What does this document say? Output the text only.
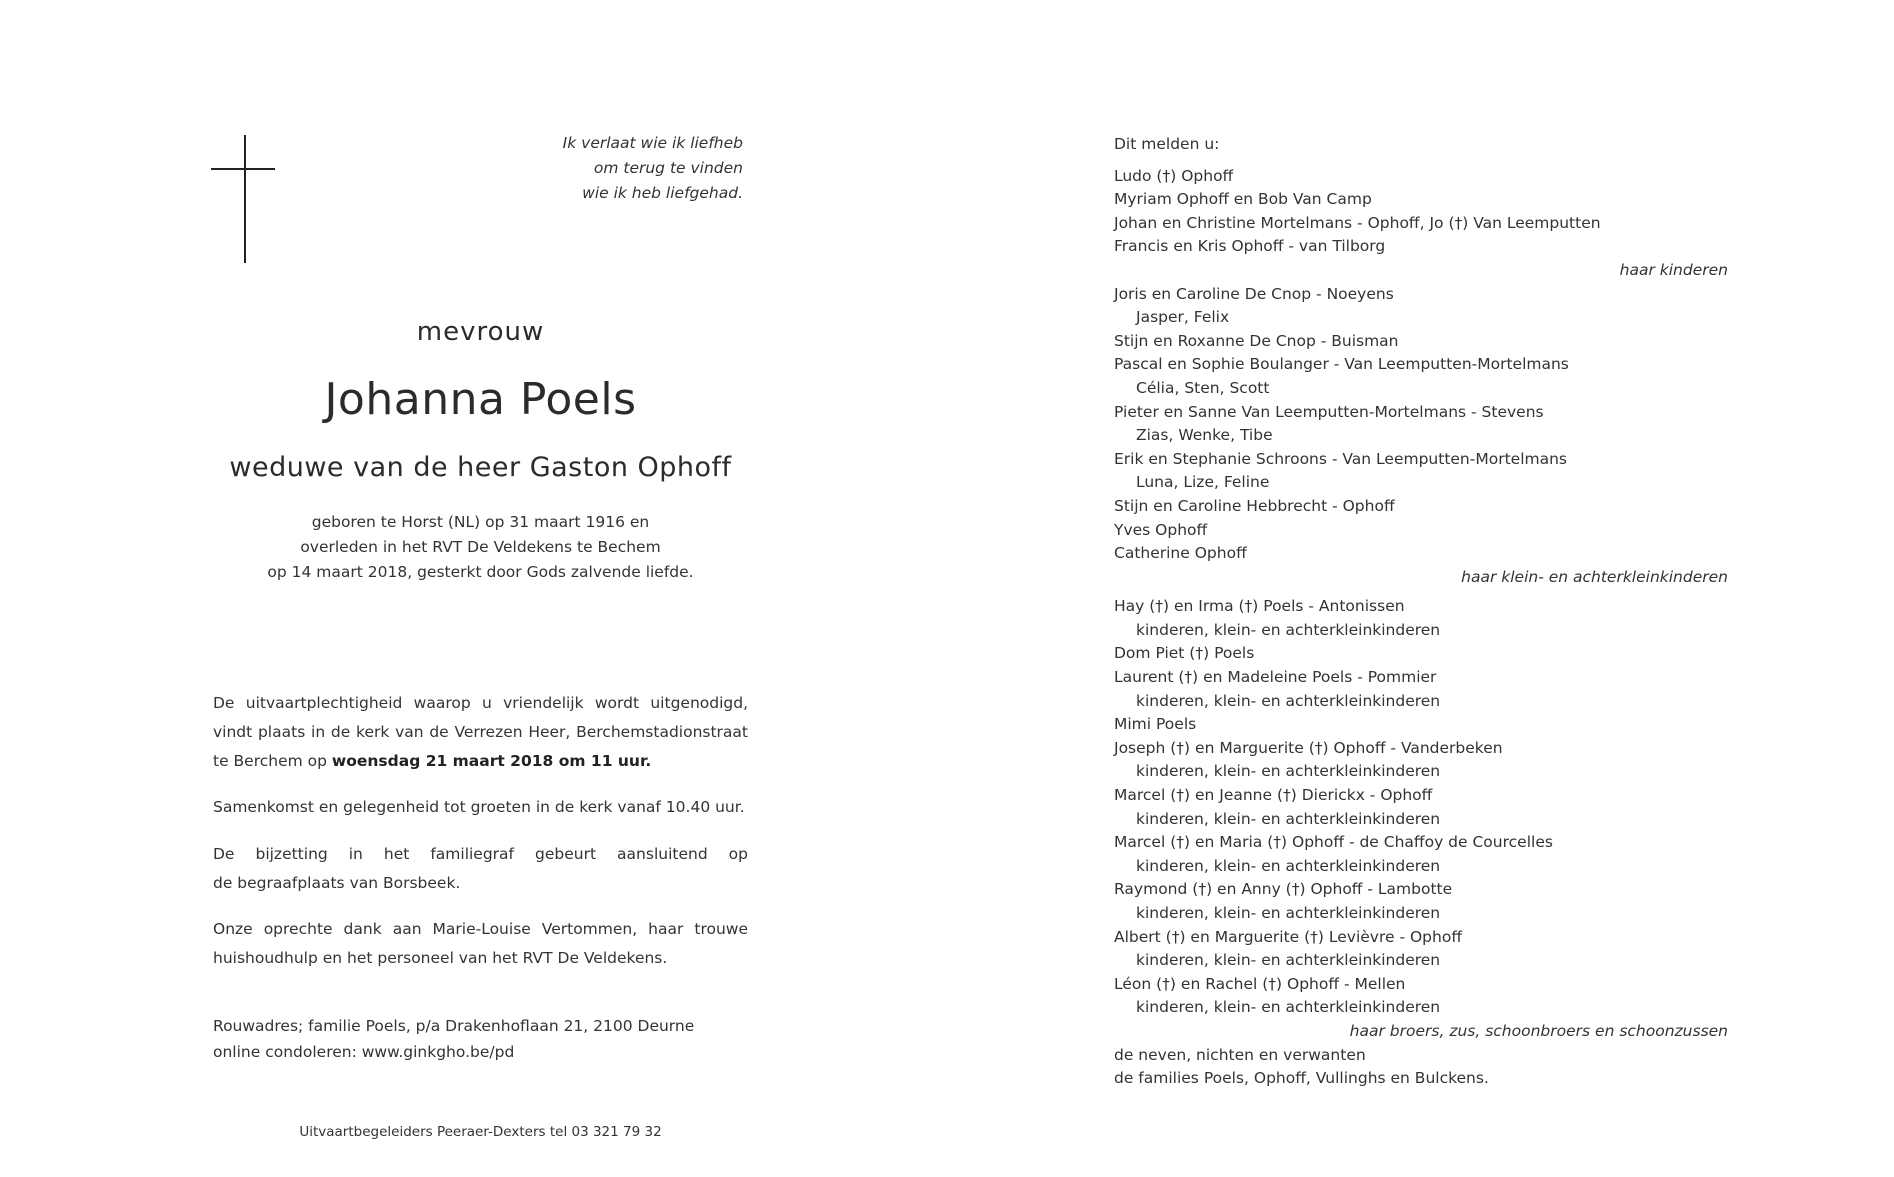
Ik verlaat wie ik liefheb
om terug te vinden
wie ik heb liefgehad.
mevrouw
Johanna Poels
weduwe van de heer Gaston Ophoff
geboren te Horst (NL) op 31 maart 1916 en
overleden in het RVT De Veldekens te Bechem
op 14 maart 2018, gesterkt door Gods zalvende liefde.
De uitvaartplechtigheid waarop u vriendelijk wordt uitgenodigd,
vindt plaats in de kerk van de Verrezen Heer, Berchemstadionstraat
te Berchem op woensdag 21 maart 2018 om 11 uur.
Samenkomst en gelegenheid tot groeten in de kerk vanaf 10.40 uur.
De bijzetting in het familiegraf gebeurt aansluitend op
de begraafplaats van Borsbeek.
Onze oprechte dank aan Marie-Louise Vertommen, haar trouwe
huishoudhulp en het personeel van het RVT De Veldekens.
Rouwadres; familie Poels, p/a Drakenhoflaan 21, 2100 Deurne
online condoleren: www.ginkgho.be/pd
Uitvaartbegeleiders Peeraer-Dexters tel 03 321 79 32
Dit melden u:
Ludo (†) Ophoff
Myriam Ophoff en Bob Van Camp
Johan en Christine Mortelmans - Ophoff, Jo (†) Van Leemputten
Francis en Kris Ophoff - van Tilborg
haar kinderen
Joris en Caroline De Cnop - Noeyens
Jasper, Felix
Stijn en Roxanne De Cnop - Buisman
Pascal en Sophie Boulanger - Van Leemputten-Mortelmans
Célia, Sten, Scott
Pieter en Sanne Van Leemputten-Mortelmans - Stevens
Zias, Wenke, Tibe
Erik en Stephanie Schroons - Van Leemputten-Mortelmans
Luna, Lize, Feline
Stijn en Caroline Hebbrecht - Ophoff
Yves Ophoff
Catherine Ophoff
haar klein- en achterkleinkinderen
Hay (†) en Irma (†) Poels - Antonissen
kinderen, klein- en achterkleinkinderen
Dom Piet (†) Poels
Laurent (†) en Madeleine Poels - Pommier
kinderen, klein- en achterkleinkinderen
Mimi Poels
Joseph (†) en Marguerite (†) Ophoff - Vanderbeken
kinderen, klein- en achterkleinkinderen
Marcel (†) en Jeanne (†) Dierickx - Ophoff
kinderen, klein- en achterkleinkinderen
Marcel (†) en Maria (†) Ophoff - de Chaffoy de Courcelles
kinderen, klein- en achterkleinkinderen
Raymond (†) en Anny (†) Ophoff - Lambotte
kinderen, klein- en achterkleinkinderen
Albert (†) en Marguerite (†) Levièvre - Ophoff
kinderen, klein- en achterkleinkinderen
Léon (†) en Rachel (†) Ophoff - Mellen
kinderen, klein- en achterkleinkinderen
haar broers, zus, schoonbroers en schoonzussen
de neven, nichten en verwanten
de families Poels, Ophoff, Vullinghs en Bulckens.
